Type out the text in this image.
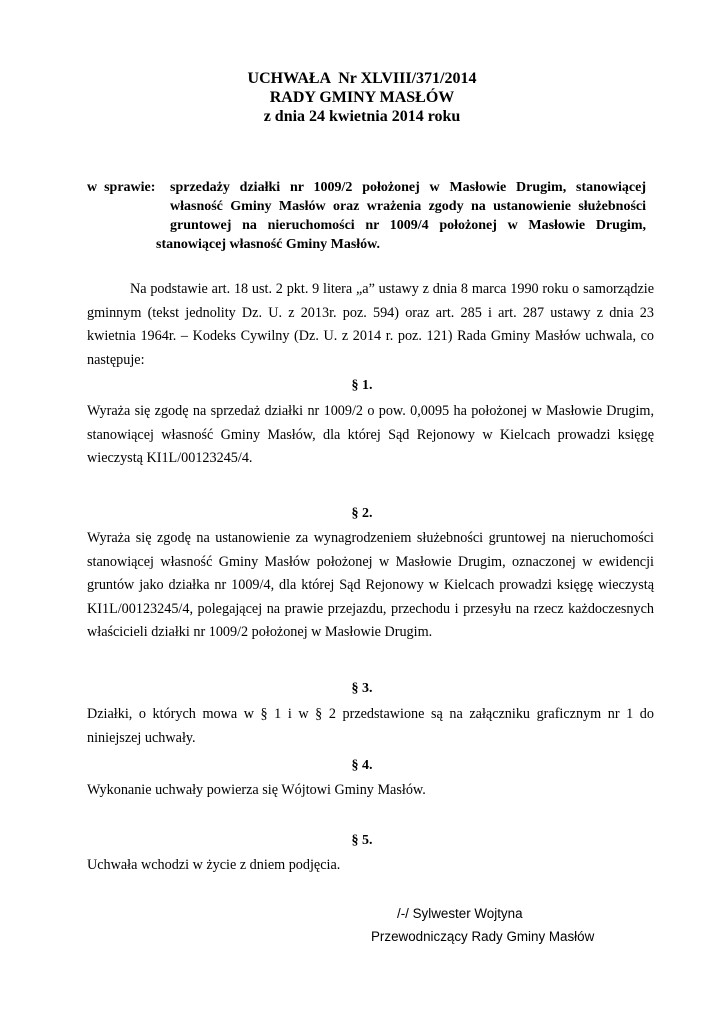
UCHWAŁA  Nr XLVIII/371/2014
RADY GMINY MASŁÓW
z dnia 24 kwietnia 2014 roku
w  sprawie: sprzedaży działki nr 1009/2 położonej w Masłowie Drugim, stanowiącej własność Gminy Masłów oraz wrażenia zgody na ustanowienie służebności gruntowej na nieruchomości nr 1009/4 położonej w Masłowie Drugim,
stanowiącej własność Gminy Masłów.
Na podstawie art. 18 ust. 2 pkt. 9 litera „a” ustawy z dnia 8 marca 1990 roku o samorządzie gminnym (tekst jednolity Dz. U. z 2013r. poz. 594) oraz art. 285 i art. 287 ustawy z dnia 23 kwietnia 1964r. – Kodeks Cywilny (Dz. U. z 2014 r. poz. 121) Rada Gminy Masłów uchwala, co następuje:
§ 1.
Wyraża się zgodę na sprzedaż działki nr 1009/2 o pow. 0,0095 ha położonej w Masłowie Drugim, stanowiącej własność Gminy Masłów, dla której Sąd Rejonowy w Kielcach prowadzi księgę wieczystą KI1L/00123245/4.
§ 2.
Wyraża się zgodę na ustanowienie za wynagrodzeniem służebności gruntowej na nieruchomości stanowiącej własność Gminy Masłów położonej w Masłowie Drugim, oznaczonej w ewidencji gruntów jako działka nr 1009/4, dla której Sąd Rejonowy w Kielcach prowadzi księgę wieczystą KI1L/00123245/4, polegającej na prawie przejazdu, przechodu i przesyłu na rzecz każdoczesnych właścicieli działki nr 1009/2 położonej w Masłowie Drugim.
§ 3.
Działki, o których mowa w § 1 i w § 2 przedstawione są na załączniku graficznym nr 1 do niniejszej uchwały.
§ 4.
Wykonanie uchwały powierza się Wójtowi Gminy Masłów.
§ 5.
Uchwała wchodzi w życie z dniem podjęcia.
/-/ Sylwester Wojtyna
Przewodniczący Rady Gminy Masłów
